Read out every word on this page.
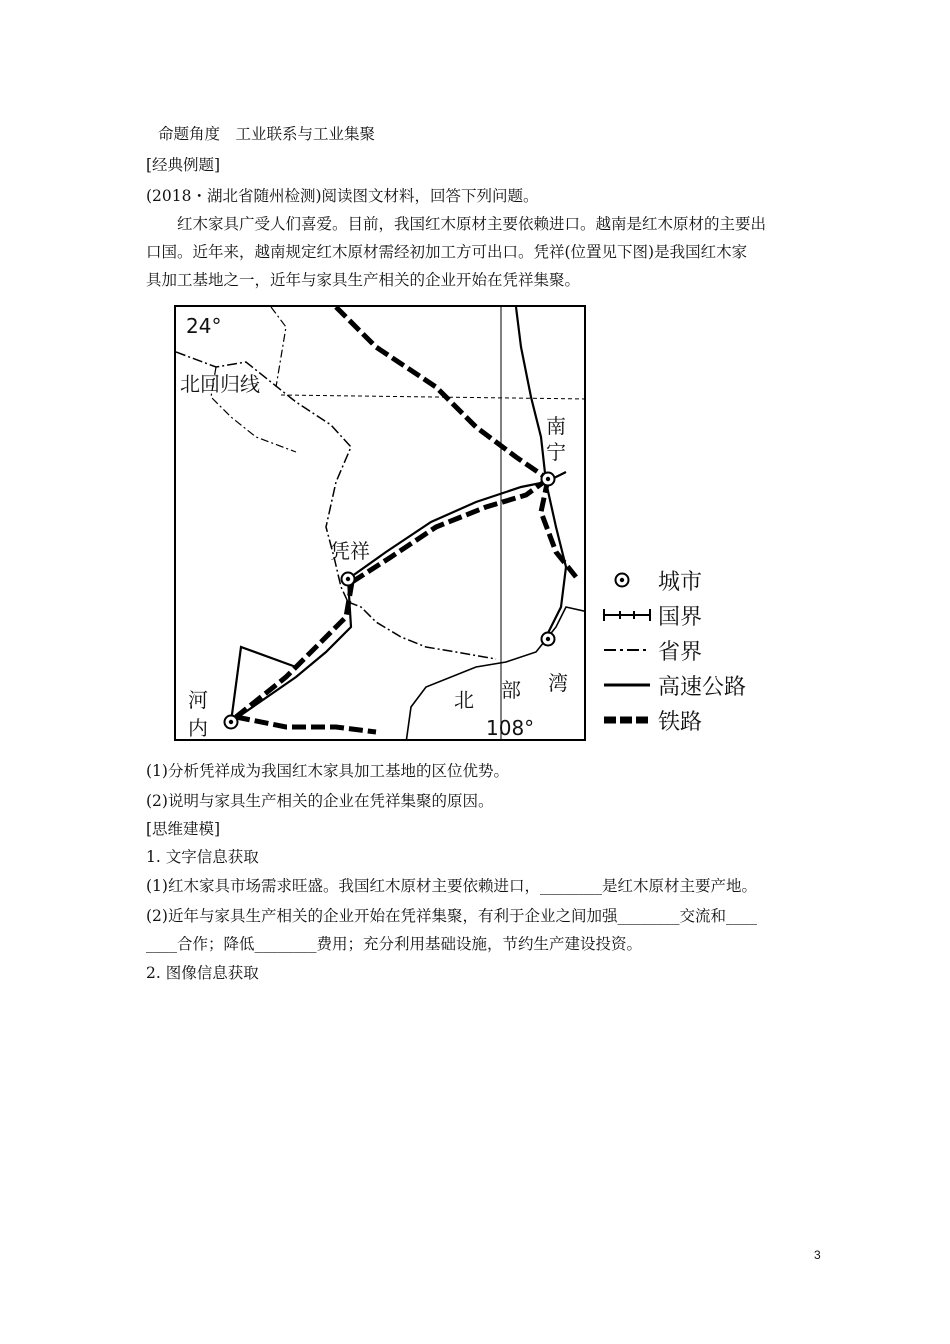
命题角度　工业联系与工业集聚
[经典例题]
(2018・湖北省随州检测)阅读图文材料，回答下列问题。
　　红木家具广受人们喜爱。目前，我国红木原材主要依赖进口。越南是红木原材的主要出
口国。近年来，越南规定红木原材需经初加工方可出口。凭祥(位置见下图)是我国红木家
具加工基地之一，近年与家具生产相关的企业开始在凭祥集聚。
24°
北回归线
南
宁
凭祥
河
内
北 部 湾
108°
城市
国界
省界
高速公路
铁路
(1)分析凭祥成为我国红木家具加工基地的区位优势。
(2)说明与家具生产相关的企业在凭祥集聚的原因。
[思维建模]
1. 文字信息获取
(1)红木家具市场需求旺盛。我国红木原材主要依赖进口，________是红木原材主要产地。
(2)近年与家具生产相关的企业开始在凭祥集聚，有利于企业之间加强________交流和____
____合作；降低________费用；充分利用基础设施，节约生产建设投资。
2. 图像信息获取
3
